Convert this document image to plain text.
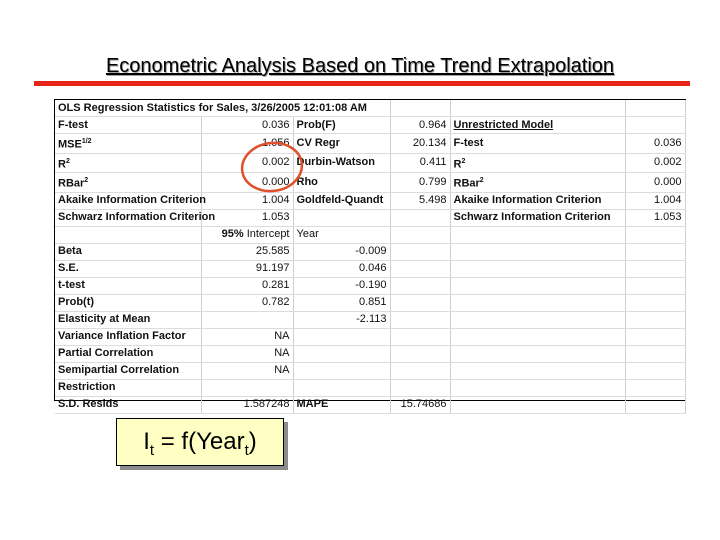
Econometric Analysis Based on Time Trend Extrapolation
OLS Regression Statistics for Sales, 3/26/2005 12:01:08 AM					
F-test	0.036	Prob(F)	0.964	Unrestricted Model	
$MSE^{1/2}$	1.056	CV Regr	20.134	F-test	0.036
$R^2$	0.002	Durbin-Watson	0.411	$R^2$	0.002
RBar$^2$	0.000	Rho	0.799	RBar$^2$	0.000
Akaike Information Criterion	1.004	Goldfeld-Quandt	5.498	Akaike Information Criterion	1.004
Schwarz Information Criterion	1.053			Schwarz Information Criterion	1.053
	95% Intercept	Year			
Beta	25.585	-0.009			
S.E.	91.197	0.046			
t-test	0.281	-0.190			
Prob(t)	0.782	0.851			
Elasticity at Mean		-2.113			
Variance Inflation Factor	NA				
Partial Correlation	NA				
Semipartial Correlation	NA				
Restriction					
S.D. Resids	1.587248	MAPE	15.74686		
$I_t$ = f(Year$_t$)
